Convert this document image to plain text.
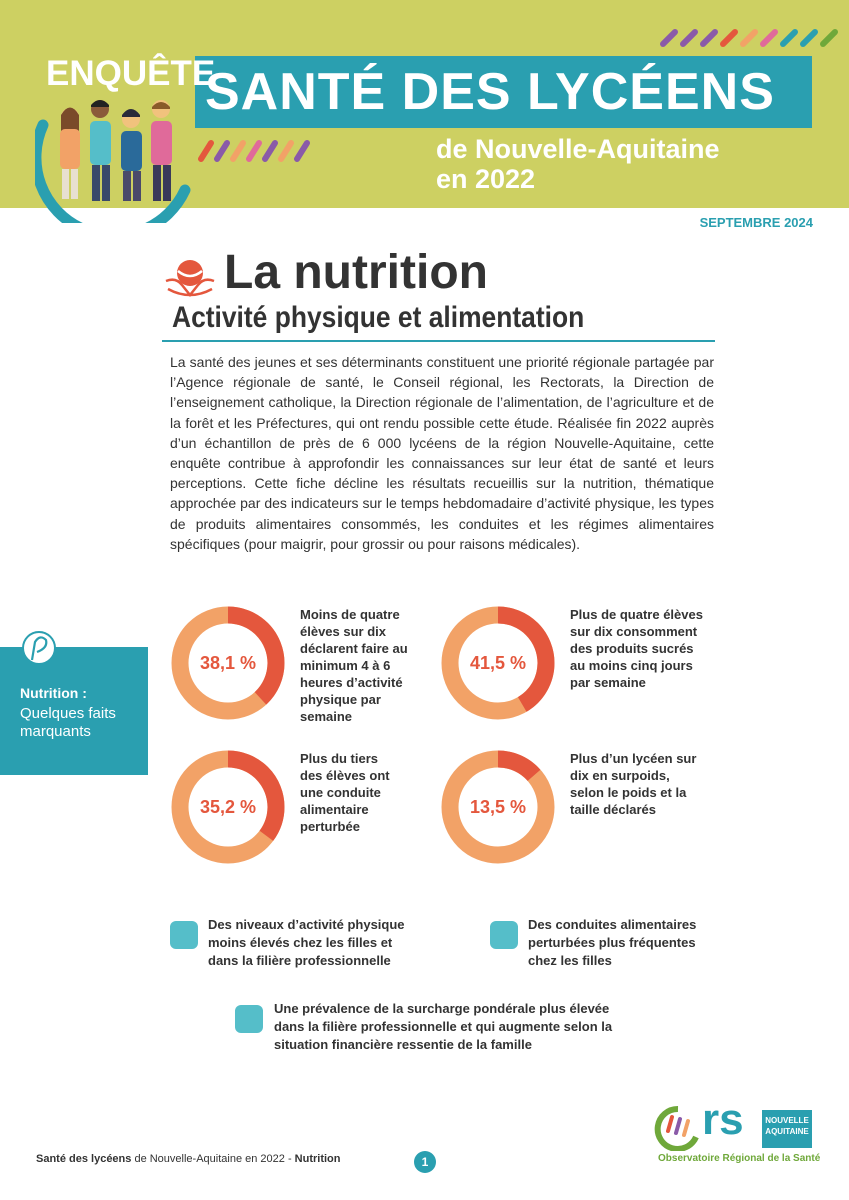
SANTÉ DES LYCÉENS
ENQUÊTE
de Nouvelle-Aquitaine
en 2022
SEPTEMBRE 2024
La nutrition
Activité physique et alimentation
La santé des jeunes et ses déterminants constituent une priorité régionale partagée par l’Agence régionale de santé, le Conseil régional, les Rectorats, la Direction de l’enseignement catholique, la Direction régionale de l’alimentation, de l’agriculture et de la forêt et les Préfectures, qui ont rendu possible cette étude. Réalisée fin 2022 auprès d’un échantillon de près de 6 000 lycéens de la région Nouvelle-Aquitaine, cette enquête contribue à approfondir les connaissances sur leur état de santé et leurs perceptions. Cette fiche décline les résultats recueillis sur la nutrition, thématique approchée par des indicateurs sur le temps hebdomadaire d’activité physique, les types de produits alimentaires consommés, les conduites et les régimes alimentaires spécifiques (pour maigrir, pour grossir ou pour raisons médicales).
Nutrition :
Quelques faits marquants
38,1 %
Moins de quatre élèves sur dix déclarent faire au minimum 4 à 6 heures d’activité physique par semaine
41,5 %
Plus de quatre élèves sur dix consomment des produits sucrés au moins cinq jours par semaine
35,2 %
Plus du tiers des élèves ont une conduite alimentaire perturbée
13,5 %
Plus d’un lycéen sur dix en surpoids, selon le poids et la taille déclarés
Des niveaux d’activité physique moins élevés chez les filles et dans la filière professionnelle
Des conduites alimentaires perturbées plus fréquentes chez les filles
Une prévalence de la surcharge pondérale plus élevée dans la filière professionnelle et qui augmente selon la situation financière ressentie de la famille
Santé des lycéens de Nouvelle-Aquitaine en 2022 - Nutrition	1
rs	NOUVELLE
AQUITAINE
Observatoire Régional de la Santé
